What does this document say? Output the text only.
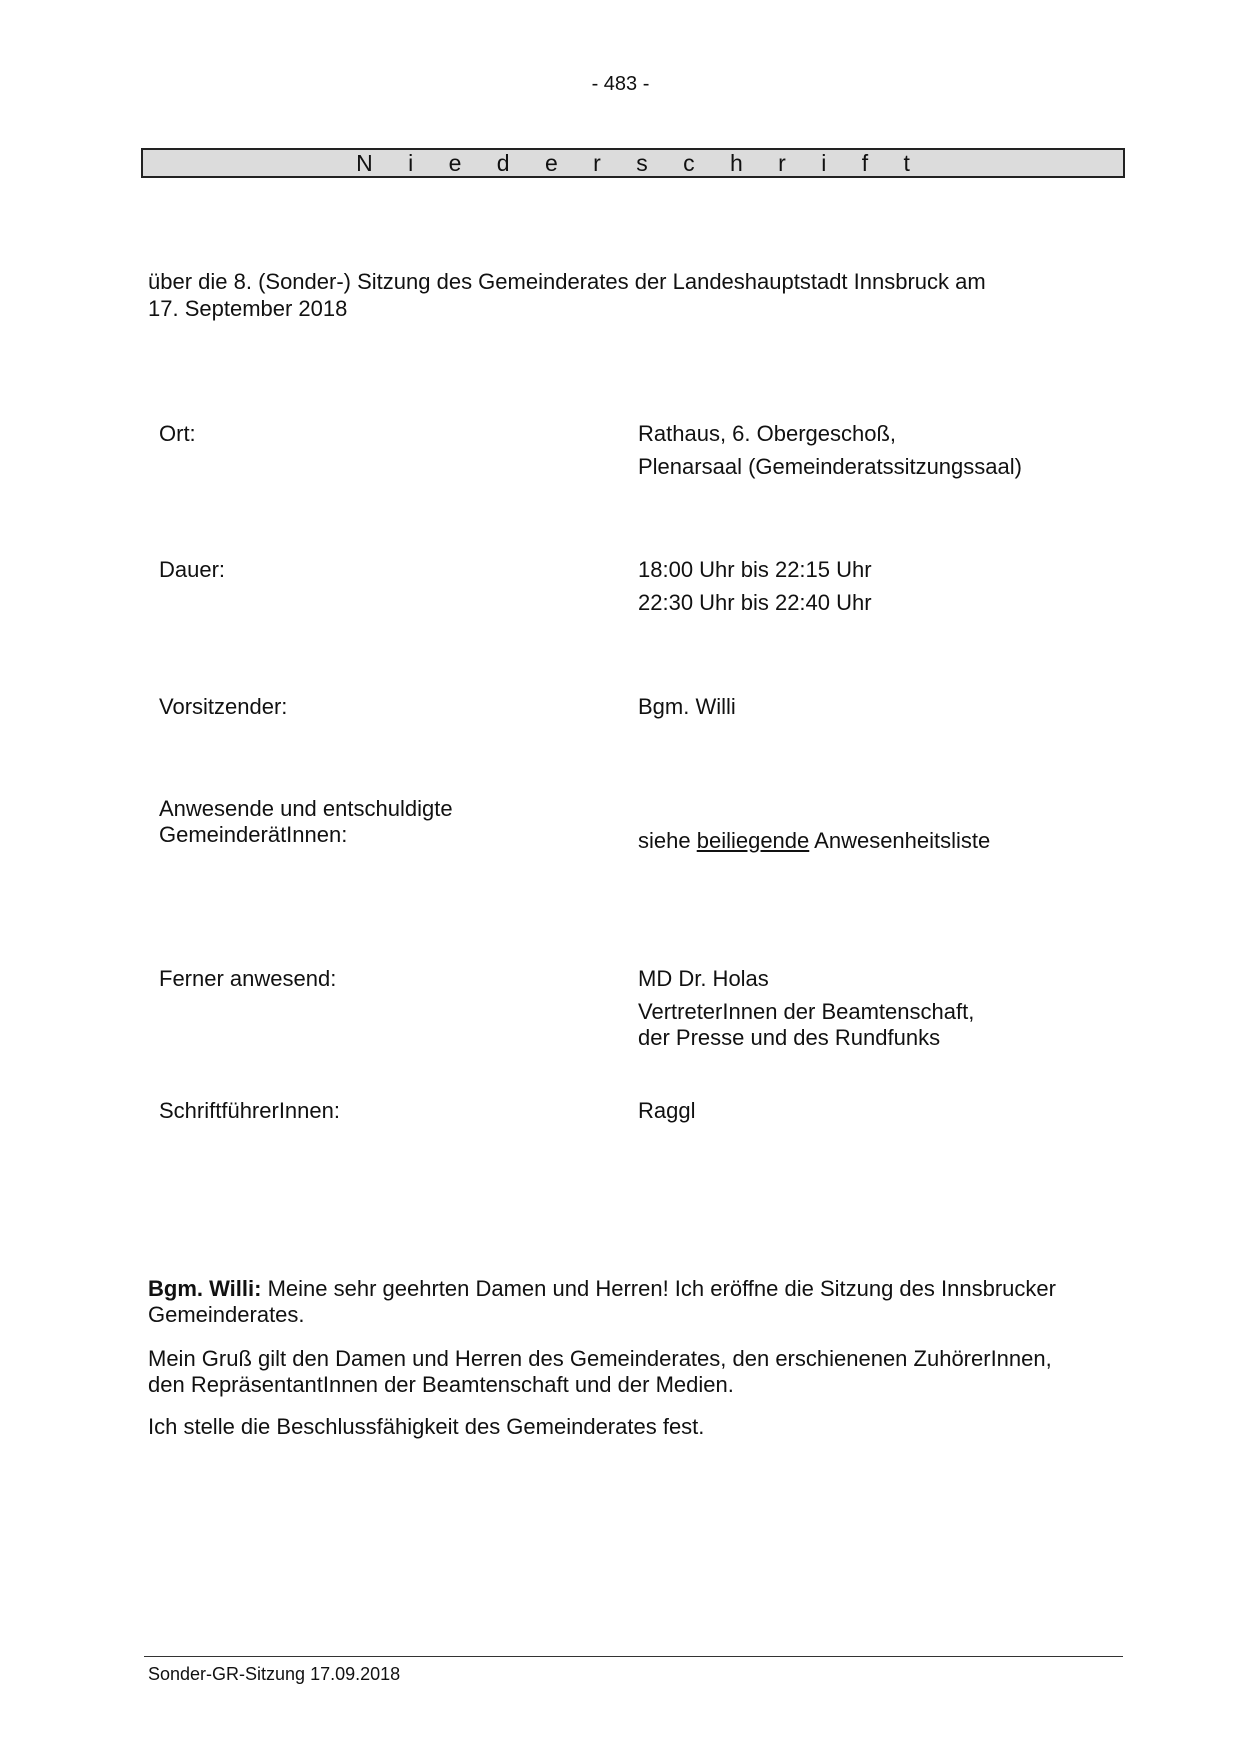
- 483 -
N i e d e r s c h r i f t
über die 8. (Sonder-) Sitzung des Gemeinderates der Landeshauptstadt Innsbruck am
17. September 2018
Ort:	Rathaus, 6. Obergeschoß,
Plenarsaal (Gemeinderatssitzungssaal)
Dauer:	18:00 Uhr bis 22:15 Uhr
22:30 Uhr bis 22:40 Uhr
Vorsitzender:	Bgm. Willi
Anwesende und entschuldigte
GemeinderätInnen:	siehe beiliegende Anwesenheitsliste
Ferner anwesend:	MD Dr. Holas
VertreterInnen der Beamtenschaft,
der Presse und des Rundfunks
SchriftführerInnen:	Raggl
Bgm. Willi: Meine sehr geehrten Damen und Herren! Ich eröffne die Sitzung des Innsbrucker
Gemeinderates.
Mein Gruß gilt den Damen und Herren des Gemeinderates, den erschienenen ZuhörerInnen,
den RepräsentantInnen der Beamtenschaft und der Medien.
Ich stelle die Beschlussfähigkeit des Gemeinderates fest.
Sonder-GR-Sitzung 17.09.2018
